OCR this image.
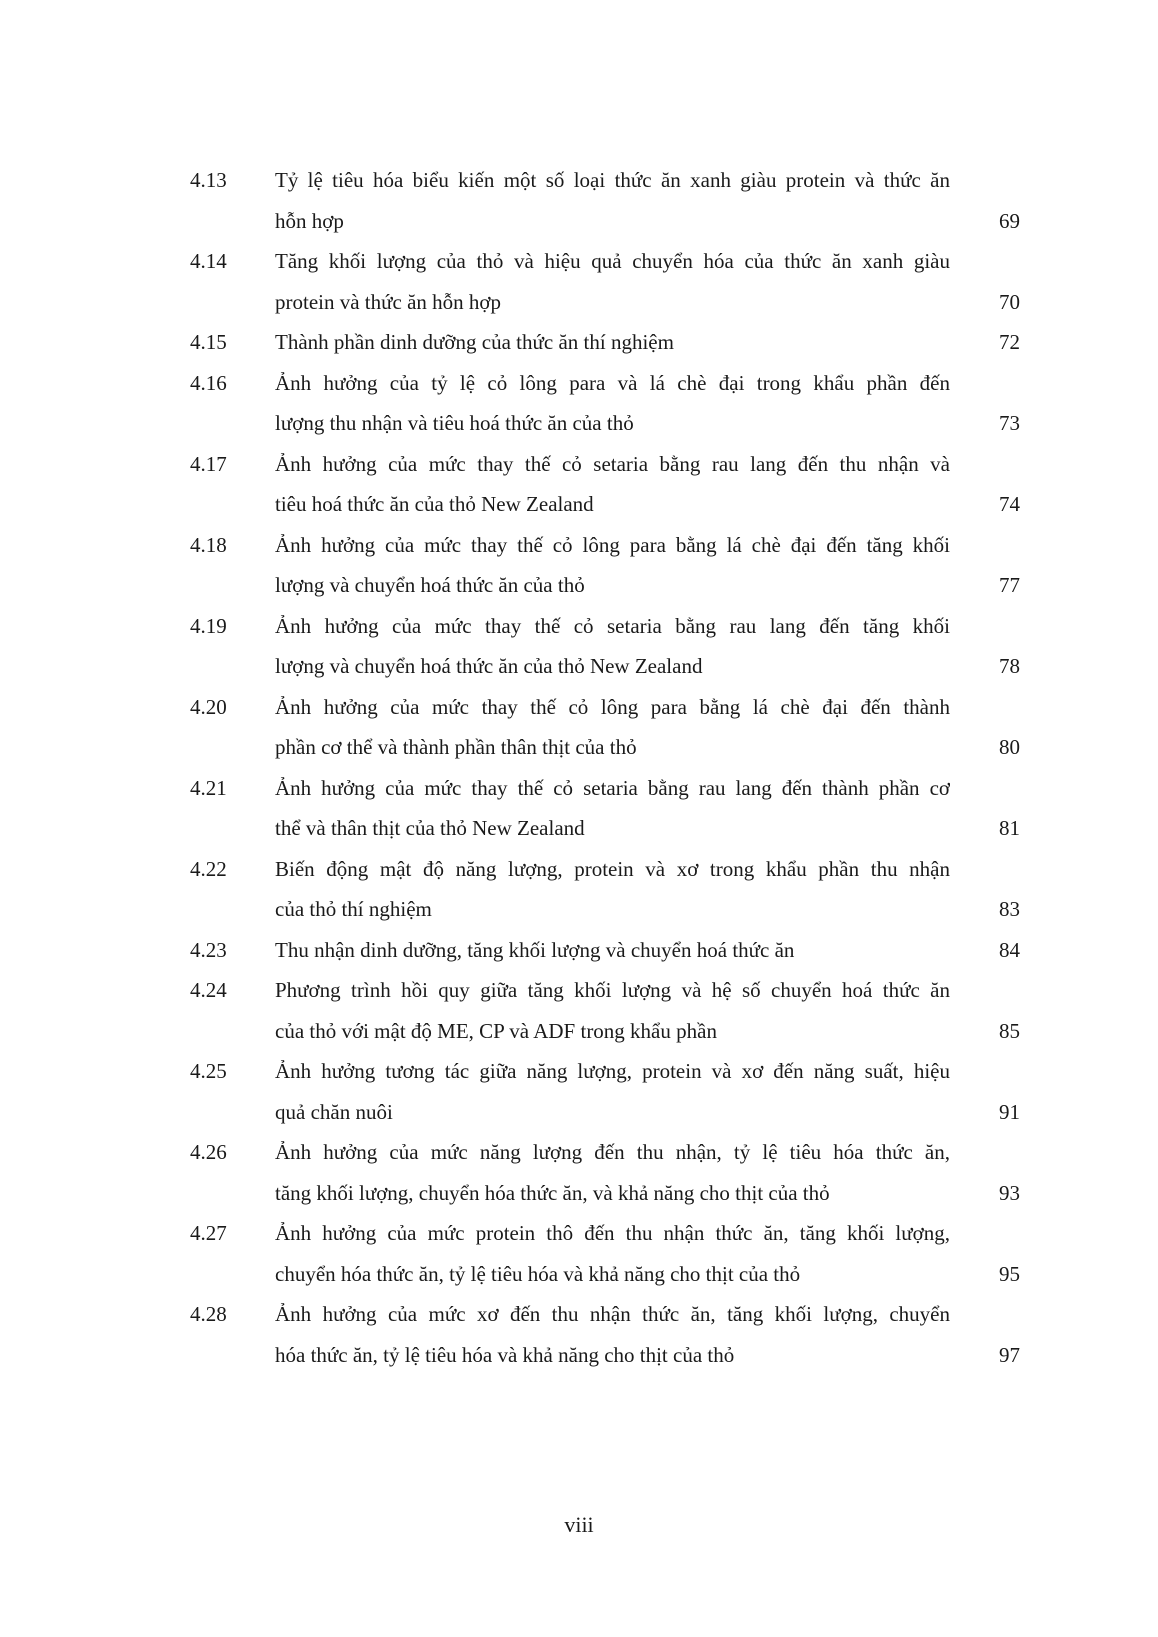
4.13	Tỷ lệ tiêu hóa biểu kiến một số loại thức ăn xanh giàu protein và thức ăn
hỗn hợp	69
4.14	Tăng khối lượng của thỏ và hiệu quả chuyển hóa của thức ăn xanh giàu
protein và thức ăn hỗn hợp	70
4.15	Thành phần dinh dưỡng của thức ăn thí nghiệm	72
4.16	Ảnh hưởng của tỷ lệ cỏ lông para và lá chè đại trong khẩu phần đến
lượng thu nhận và tiêu hoá thức ăn của thỏ	73
4.17	Ảnh hưởng của mức thay thế cỏ setaria bằng rau lang đến thu nhận và
tiêu hoá thức ăn của thỏ New Zealand	74
4.18	Ảnh hưởng của mức thay thế cỏ lông para bằng lá chè đại đến tăng khối
lượng và chuyển hoá thức ăn của thỏ	77
4.19	Ảnh hưởng của mức thay thế cỏ setaria bằng rau lang đến tăng khối
lượng và chuyển hoá thức ăn của thỏ New Zealand	78
4.20	Ảnh hưởng của mức thay thế cỏ lông para bằng lá chè đại đến thành
phần cơ thể và thành phần thân thịt của thỏ	80
4.21	Ảnh hưởng của mức thay thế cỏ setaria bằng rau lang đến thành phần cơ
thể và thân thịt của thỏ New Zealand	81
4.22	Biến động mật độ năng lượng, protein và xơ trong khẩu phần thu nhận
của thỏ thí nghiệm	83
4.23	Thu nhận dinh dưỡng, tăng khối lượng và chuyển hoá thức ăn	84
4.24	Phương trình hồi quy giữa tăng khối lượng và hệ số chuyển hoá thức ăn
của thỏ với mật độ ME, CP và ADF trong khẩu phần	85
4.25	Ảnh hưởng tương tác giữa năng lượng, protein và xơ đến năng suất, hiệu
quả chăn nuôi	91
4.26	Ảnh hưởng của mức năng lượng đến thu nhận, tỷ lệ tiêu hóa thức ăn,
tăng khối lượng, chuyển hóa thức ăn, và khả năng cho thịt của thỏ	93
4.27	Ảnh hưởng của mức protein thô đến thu nhận thức ăn, tăng khối lượng,
chuyển hóa thức ăn, tỷ lệ tiêu hóa và khả năng cho thịt của thỏ	95
4.28	Ảnh hưởng của mức xơ đến thu nhận thức ăn, tăng khối lượng, chuyển
hóa thức ăn, tỷ lệ tiêu hóa và khả năng cho thịt của thỏ	97
viii
